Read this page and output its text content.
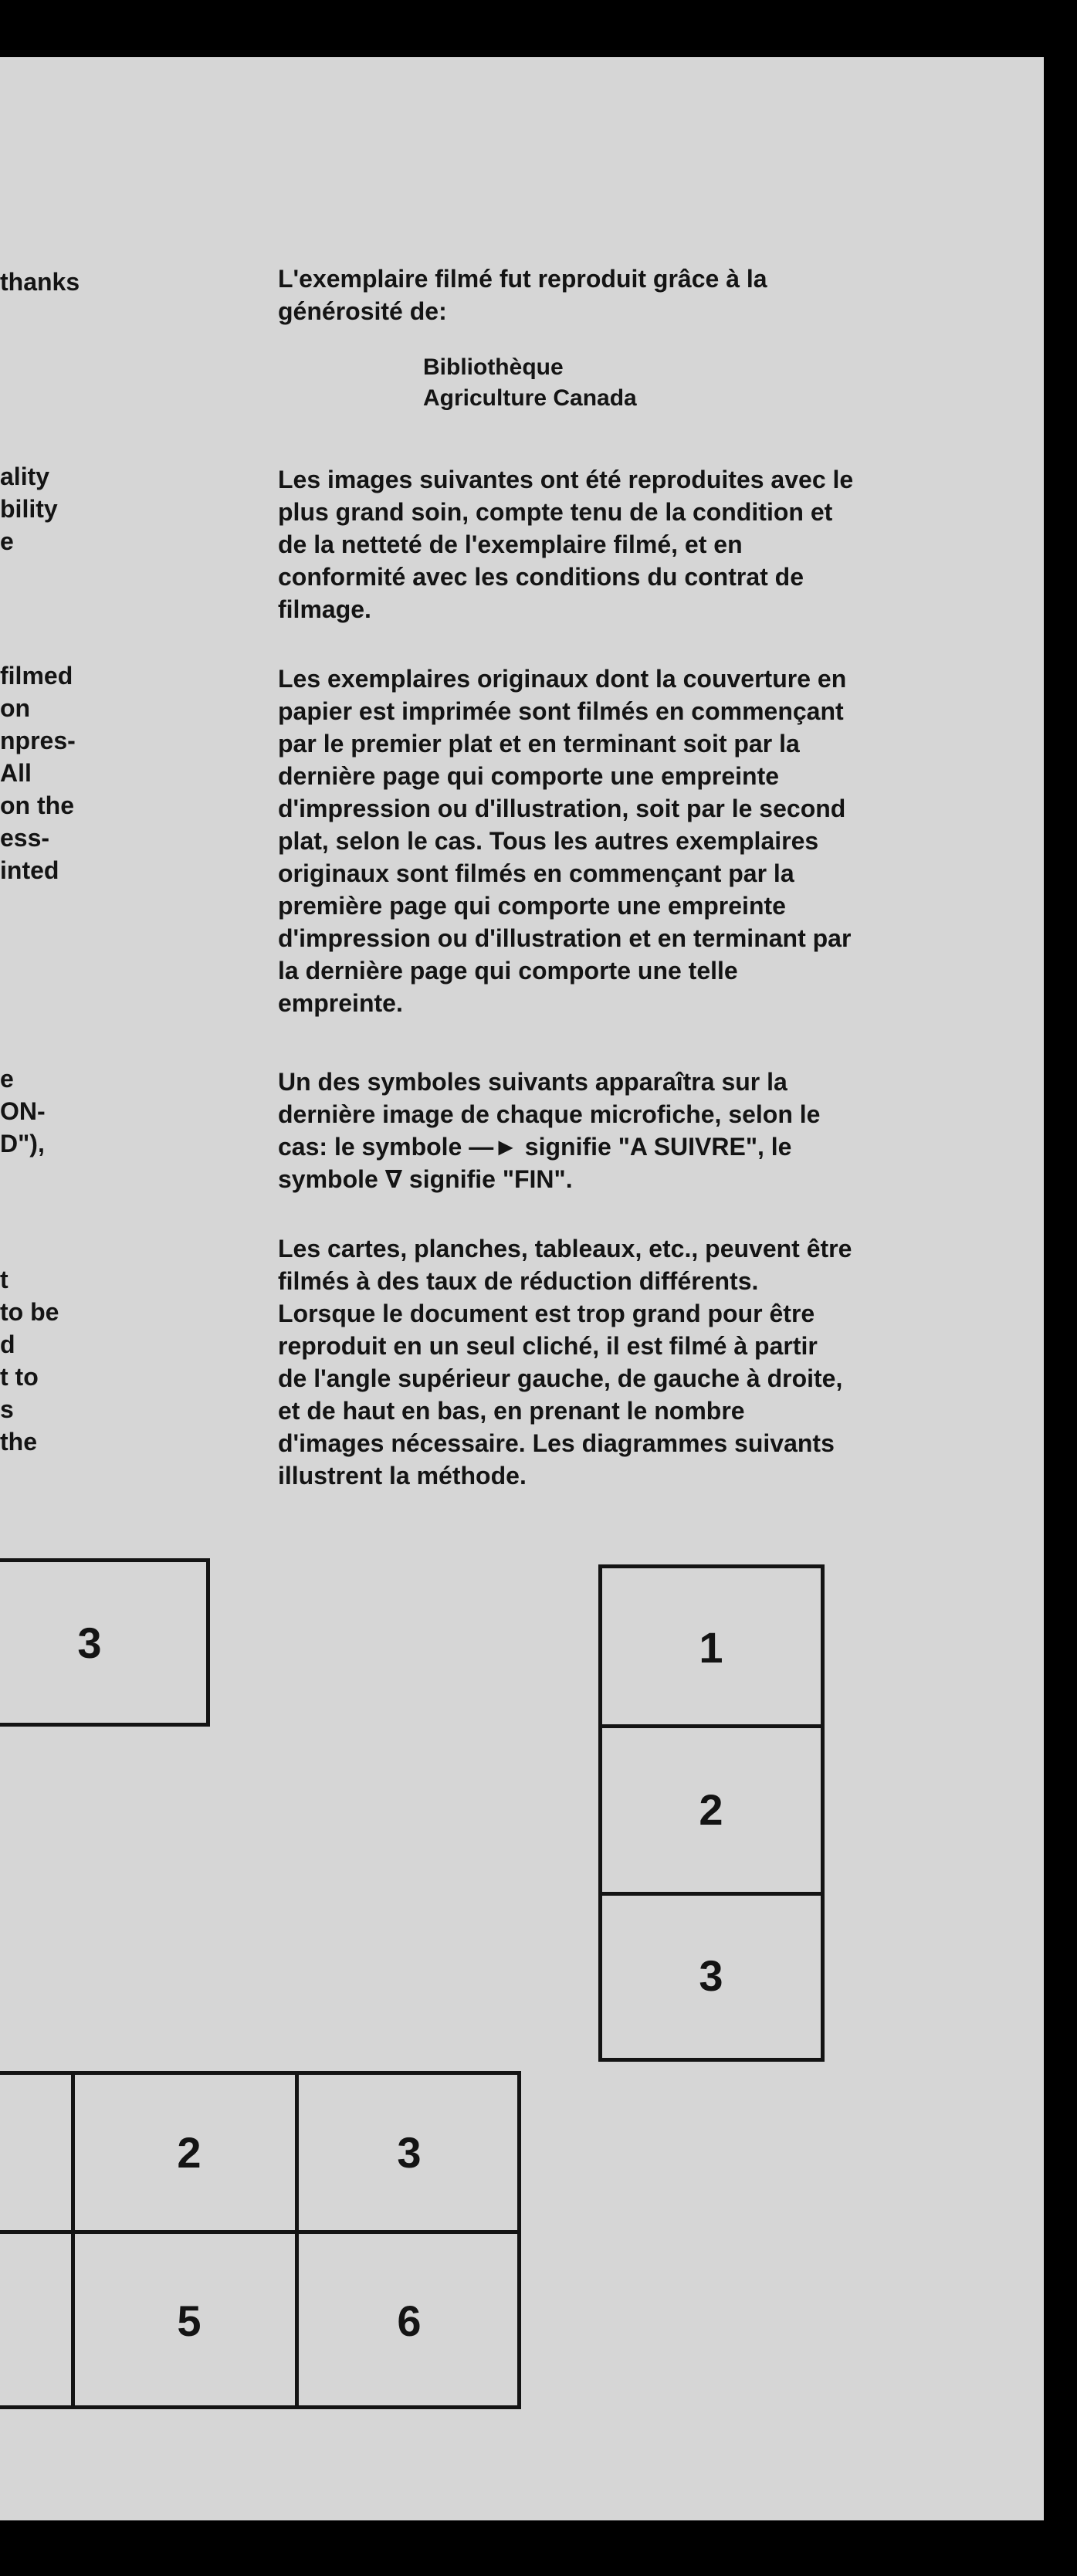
thanks
ality
bility
e
filmed
on
npres-
All
on the
ess-
inted
e
ON-
D"),
t
to be
d
t to
s
the
L'exemplaire filmé fut reproduit grâce à la
générosité de:
Bibliothèque
Agriculture Canada
Les images suivantes ont été reproduites avec le
plus grand soin, compte tenu de la condition et
de la netteté de l'exemplaire filmé, et en
conformité avec les conditions du contrat de
filmage.
Les exemplaires originaux dont la couverture en
papier est imprimée sont filmés en commençant
par le premier plat et en terminant soit par la
dernière page qui comporte une empreinte
d'impression ou d'illustration, soit par le second
plat, selon le cas. Tous les autres exemplaires
originaux sont filmés en commençant par la
première page qui comporte une empreinte
d'impression ou d'illustration et en terminant par
la dernière page qui comporte une telle
empreinte.
Un des symboles suivants apparaîtra sur la
dernière image de chaque microfiche, selon le
cas: le symbole ―► signifie "A SUIVRE", le
symbole ∇ signifie "FIN".
Les cartes, planches, tableaux, etc., peuvent être
filmés à des taux de réduction différents.
Lorsque le document est trop grand pour être
reproduit en un seul cliché, il est filmé à partir
de l'angle supérieur gauche, de gauche à droite,
et de haut en bas, en prenant le nombre
d'images nécessaire. Les diagrammes suivants
illustrent la méthode.
3	1
2
3
2	3
5	6
